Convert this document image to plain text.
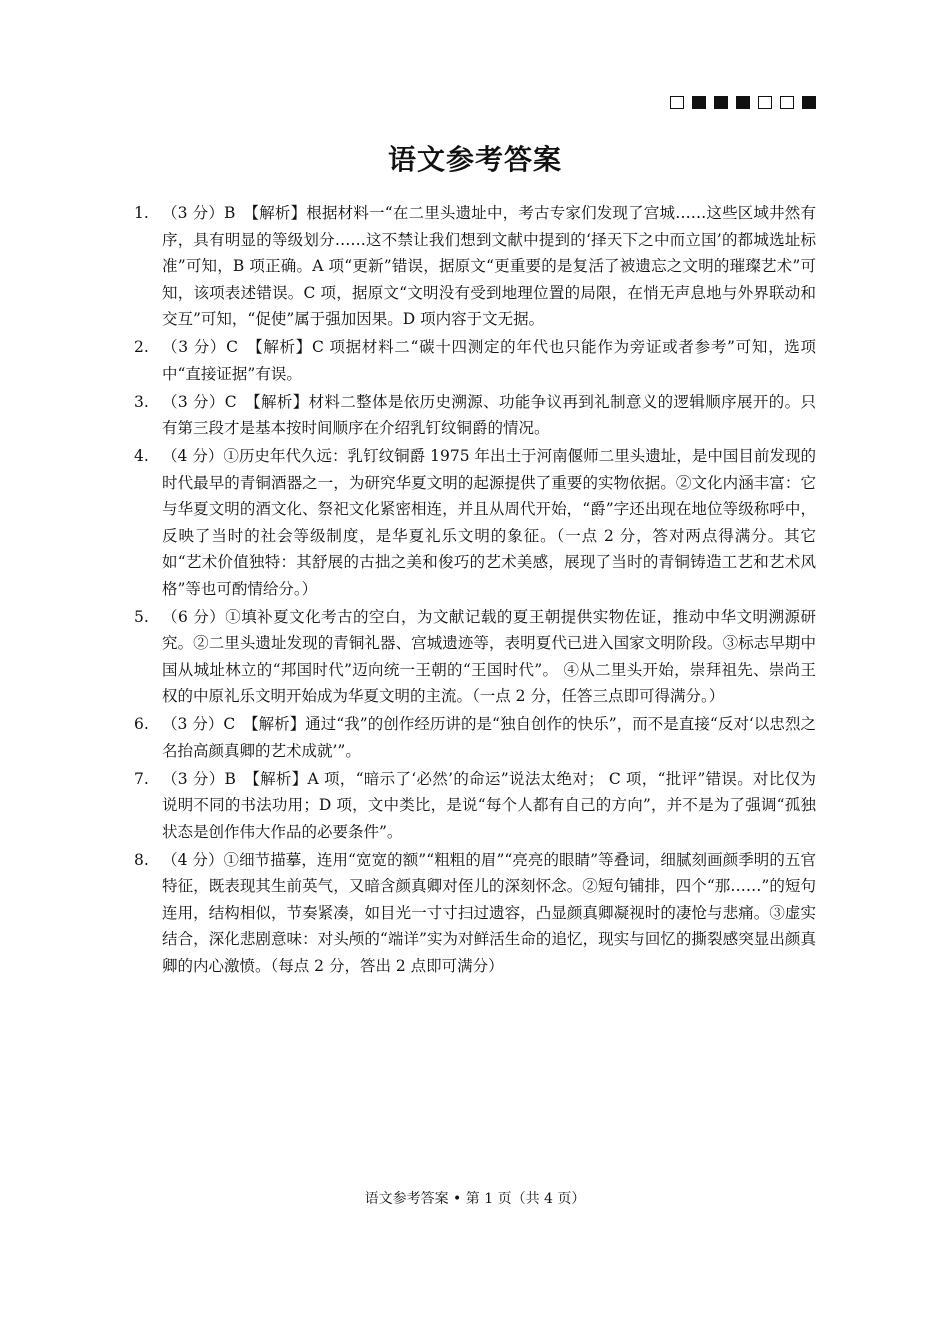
语文参考答案
1. （3 分）B　【解析】根据材料一“在二里头遗址中，考古专家们发现了宫城……这些区域井然有序，具有明显的等级划分……这不禁让我们想到文献中提到的‘择天下之中而立国’的都城选址标准”可知，B 项正确。A 项“更新”错误，据原文“更重要的是复活了被遗忘之文明的璀璨艺术”可知，该项表述错误。C 项，据原文“文明没有受到地理位置的局限，在悄无声息地与外界联动和交互”可知，“促使”属于强加因果。D 项内容于文无据。
2. （3 分）C　【解析】C 项据材料二“碳十四测定的年代也只能作为旁证或者参考”可知，选项中“直接证据”有误。
3. （3 分）C　【解析】材料二整体是依历史溯源、功能争议再到礼制意义的逻辑顺序展开的。只有第三段才是基本按时间顺序在介绍乳钉纹铜爵的情况。
4. （4 分）①历史年代久远：乳钉纹铜爵 1975 年出土于河南偃师二里头遗址，是中国目前发现的时代最早的青铜酒器之一，为研究华夏文明的起源提供了重要的实物依据。②文化内涵丰富：它与华夏文明的酒文化、祭祀文化紧密相连，并且从周代开始，“爵”字还出现在地位等级称呼中，反映了当时的社会等级制度，是华夏礼乐文明的象征。（一点 2 分，答对两点得满分。其它如“艺术价值独特：其舒展的古拙之美和俊巧的艺术美感，展现了当时的青铜铸造工艺和艺术风格”等也可酌情给分。）
5. （6 分）①填补夏文化考古的空白，为文献记载的夏王朝提供实物佐证，推动中华文明溯源研究。②二里头遗址发现的青铜礼器、宫城遗迹等，表明夏代已进入国家文明阶段。③标志早期中国从城址林立的“邦国时代”迈向统一王朝的“王国时代”。 ④从二里头开始，崇拜祖先、崇尚王权的中原礼乐文明开始成为华夏文明的主流。（一点 2 分，任答三点即可得满分。）
6. （3 分）C　【解析】通过“我”的创作经历讲的是“独自创作的快乐”，而不是直接“反对‘以忠烈之名抬高颜真卿的艺术成就’”。
7. （3 分）B　【解析】A 项，“暗示了‘必然’的命运”说法太绝对； C 项，“批评”错误。对比仅为说明不同的书法功用；D 项，文中类比，是说“每个人都有自己的方向”，并不是为了强调“孤独状态是创作伟大作品的必要条件”。
8. （4 分）①细节描摹，连用“宽宽的额”“粗粗的眉”“亮亮的眼睛”等叠词，细腻刻画颜季明的五官特征，既表现其生前英气，又暗含颜真卿对侄儿的深刻怀念。②短句铺排，四个“那……”的短句连用，结构相似，节奏紧凑，如目光一寸寸扫过遗容，凸显颜真卿凝视时的凄怆与悲痛。③虚实结合，深化悲剧意味：对头颅的“端详”实为对鲜活生命的追忆，现实与回忆的撕裂感突显出颜真卿的内心激愤。（每点 2 分，答出 2 点即可满分）
语文参考答案 • 第 1 页（共 4 页）
